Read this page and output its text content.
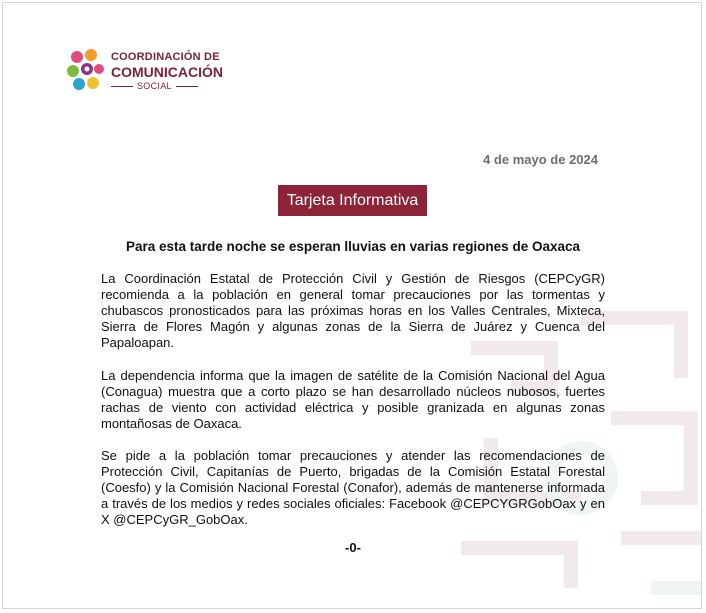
COORDINACIÓN DE
COMUNICACIÓN
SOCIAL
4 de mayo de 2024
Tarjeta Informativa
Para esta tarde noche se esperan lluvias en varias regiones de Oaxaca

La Coordinación Estatal de Protección Civil y Gestión de Riesgos (CEPCyGR) recomienda a la población en general tomar precauciones por las tormentas y chubascos pronosticados para las próximas horas en los Valles Centrales, Mixteca, Sierra de Flores Magón y algunas zonas de la Sierra de Juárez y Cuenca del Papaloapan.

La dependencia informa que la imagen de satélite de la Comisión Nacional del Agua (Conagua) muestra que a corto plazo se han desarrollado núcleos nubosos, fuertes rachas de viento con actividad eléctrica y posible granizada en algunas zonas montañosas de Oaxaca.

Se pide a la población tomar precauciones y atender las recomendaciones de Protección Civil, Capitanías de Puerto, brigadas de la Comisión Estatal Forestal (Coesfo) y la Comisión Nacional Forestal (Conafor), además de mantenerse informada a través de los medios y redes sociales oficiales: Facebook @CEPCYGRGobOax y en X @CEPCyGR_GobOax.

-0-
